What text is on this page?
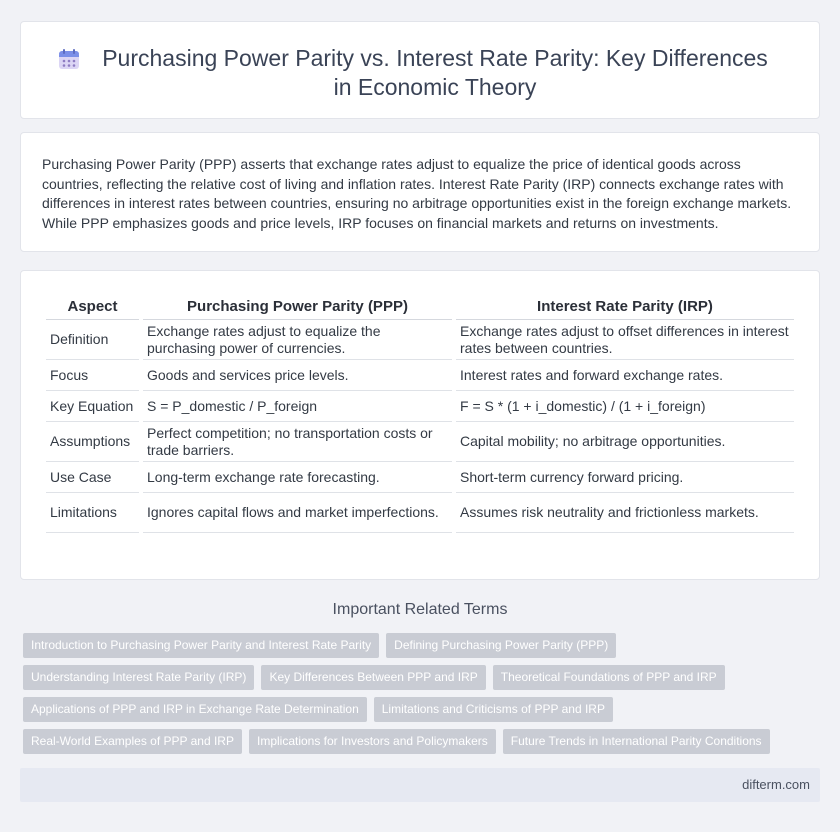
Purchasing Power Parity vs. Interest Rate Parity: Key Differences in Economic Theory

Purchasing Power Parity (PPP) asserts that exchange rates adjust to equalize the price of identical goods across countries, reflecting the relative cost of living and inflation rates. Interest Rate Parity (IRP) connects exchange rates with differences in interest rates between countries, ensuring no arbitrage opportunities exist in the foreign exchange markets. While PPP emphasizes goods and price levels, IRP focuses on financial markets and returns on investments.

Aspect	Purchasing Power Parity (PPP)	Interest Rate Parity (IRP)
Definition	Exchange rates adjust to equalize the purchasing power of currencies.	Exchange rates adjust to offset differences in interest rates between countries.
Focus	Goods and services price levels.	Interest rates and forward exchange rates.
Key Equation	S = P_domestic / P_foreign	F = S * (1 + i_domestic) / (1 + i_foreign)
Assumptions	Perfect competition; no transportation costs or trade barriers.	Capital mobility; no arbitrage opportunities.
Use Case	Long-term exchange rate forecasting.	Short-term currency forward pricing.
Limitations	Ignores capital flows and market imperfections.	Assumes risk neutrality and frictionless markets.
Important Related Terms
Introduction to Purchasing Power Parity and Interest Rate Parity	Defining Purchasing Power Parity (PPP)
Understanding Interest Rate Parity (IRP)	Key Differences Between PPP and IRP	Theoretical Foundations of PPP and IRP
Applications of PPP and IRP in Exchange Rate Determination	Limitations and Criticisms of PPP and IRP
Real-World Examples of PPP and IRP	Implications for Investors and Policymakers	Future Trends in International Parity Conditions
difterm.com
